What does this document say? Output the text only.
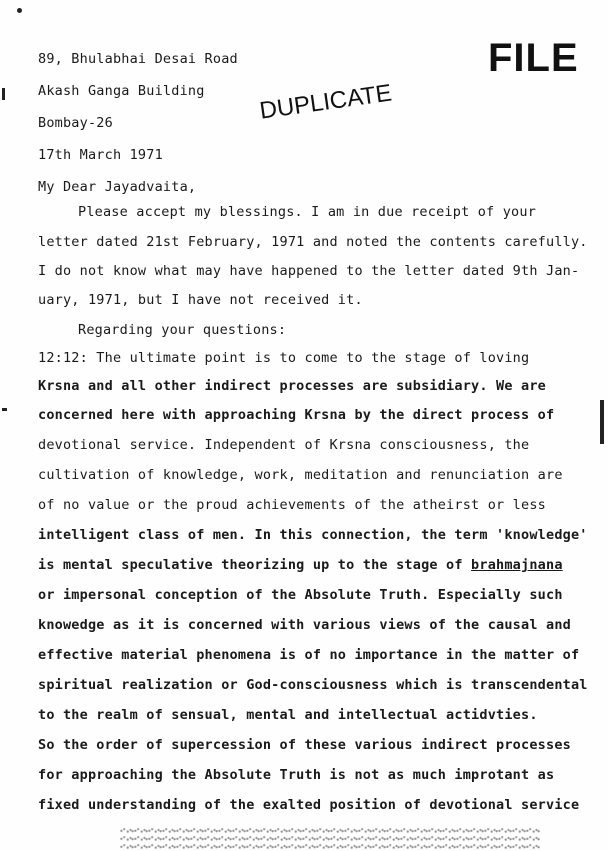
FILE
DUPLICATE
89, Bhulabhai Desai Road
Akash Ganga Building
Bombay-26
17th March 1971
My Dear Jayadvaita,
Please accept my blessings. I am in due receipt of your
letter dated 21st February, 1971 and noted the contents carefully.
I do not know what may have happened to the letter dated 9th Jan-
uary, 1971, but I have not received it.
Regarding your questions:
12:12: The ultimate point is to come to the stage of loving
Krsna and all other indirect processes are subsidiary. We are
concerned here with approaching Krsna by the direct process of
devotional service. Independent of Krsna consciousness, the
cultivation of knowledge, work, meditation and renunciation are
of no value or the proud achievements of the atheirst or less
intelligent class of men. In this connection, the term 'knowledge'
is mental speculative theorizing up to the stage of brahmajnana
or impersonal conception of the Absolute Truth. Especially such
knowedge as it is concerned with various views of the causal and
effective material phenomena is of no importance in the matter of
spiritual realization or God-consciousness which is transcendental
to the realm of sensual, mental and intellectual actidvties.
So the order of supercession of these various indirect processes
for approaching the Absolute Truth is not as much improtant as
fixed understanding of the exalted position of devotional service
